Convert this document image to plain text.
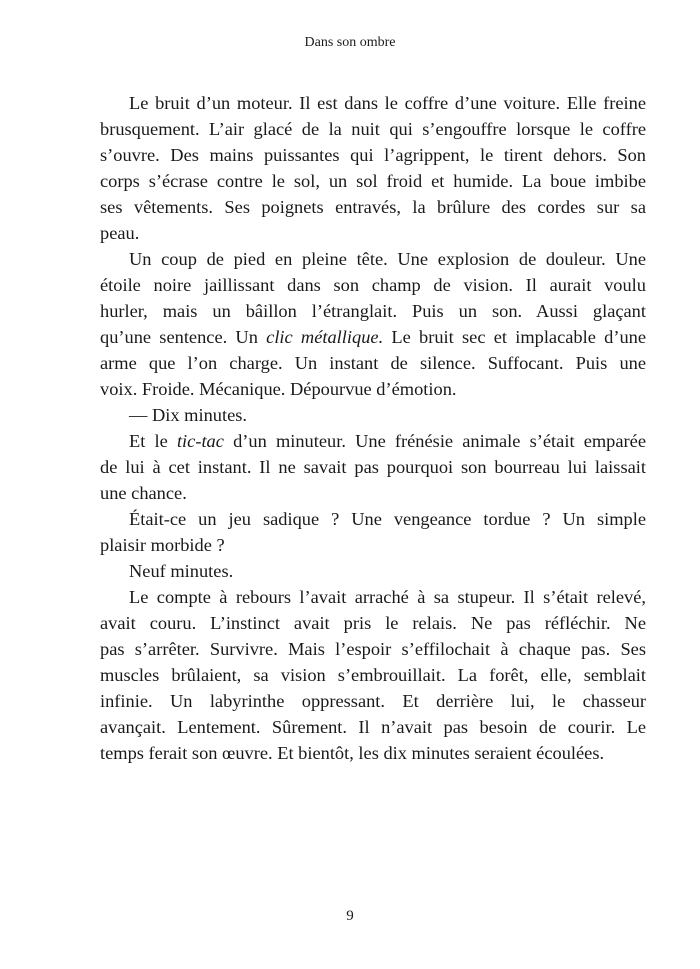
Dans son ombre
Le bruit d’un moteur. Il est dans le coffre d’une voiture. Elle freine
brusquement. L’air glacé de la nuit qui s’engouffre lorsque le coffre
s’ouvre. Des mains puissantes qui l’agrippent, le tirent dehors. Son
corps s’écrase contre le sol, un sol froid et humide. La boue imbibe
ses vêtements. Ses poignets entravés, la brûlure des cordes sur sa
peau.
Un coup de pied en pleine tête. Une explosion de douleur. Une
étoile noire jaillissant dans son champ de vision. Il aurait voulu
hurler, mais un bâillon l’étranglait. Puis un son. Aussi glaçant
qu’une sentence. Un clic métallique. Le bruit sec et implacable d’une
arme que l’on charge. Un instant de silence. Suffocant. Puis une
voix. Froide. Mécanique. Dépourvue d’émotion.
— Dix minutes.
Et le tic-tac d’un minuteur. Une frénésie animale s’était emparée
de lui à cet instant. Il ne savait pas pourquoi son bourreau lui laissait
une chance.
Était-ce un jeu sadique ? Une vengeance tordue ? Un simple
plaisir morbide ?
Neuf minutes.
Le compte à rebours l’avait arraché à sa stupeur. Il s’était relevé,
avait couru. L’instinct avait pris le relais. Ne pas réfléchir. Ne
pas s’arrêter. Survivre. Mais l’espoir s’effilochait à chaque pas. Ses
muscles brûlaient, sa vision s’embrouillait. La forêt, elle, semblait
infinie. Un labyrinthe oppressant. Et derrière lui, le chasseur
avançait. Lentement. Sûrement. Il n’avait pas besoin de courir. Le
temps ferait son œuvre. Et bientôt, les dix minutes seraient écoulées.
9
